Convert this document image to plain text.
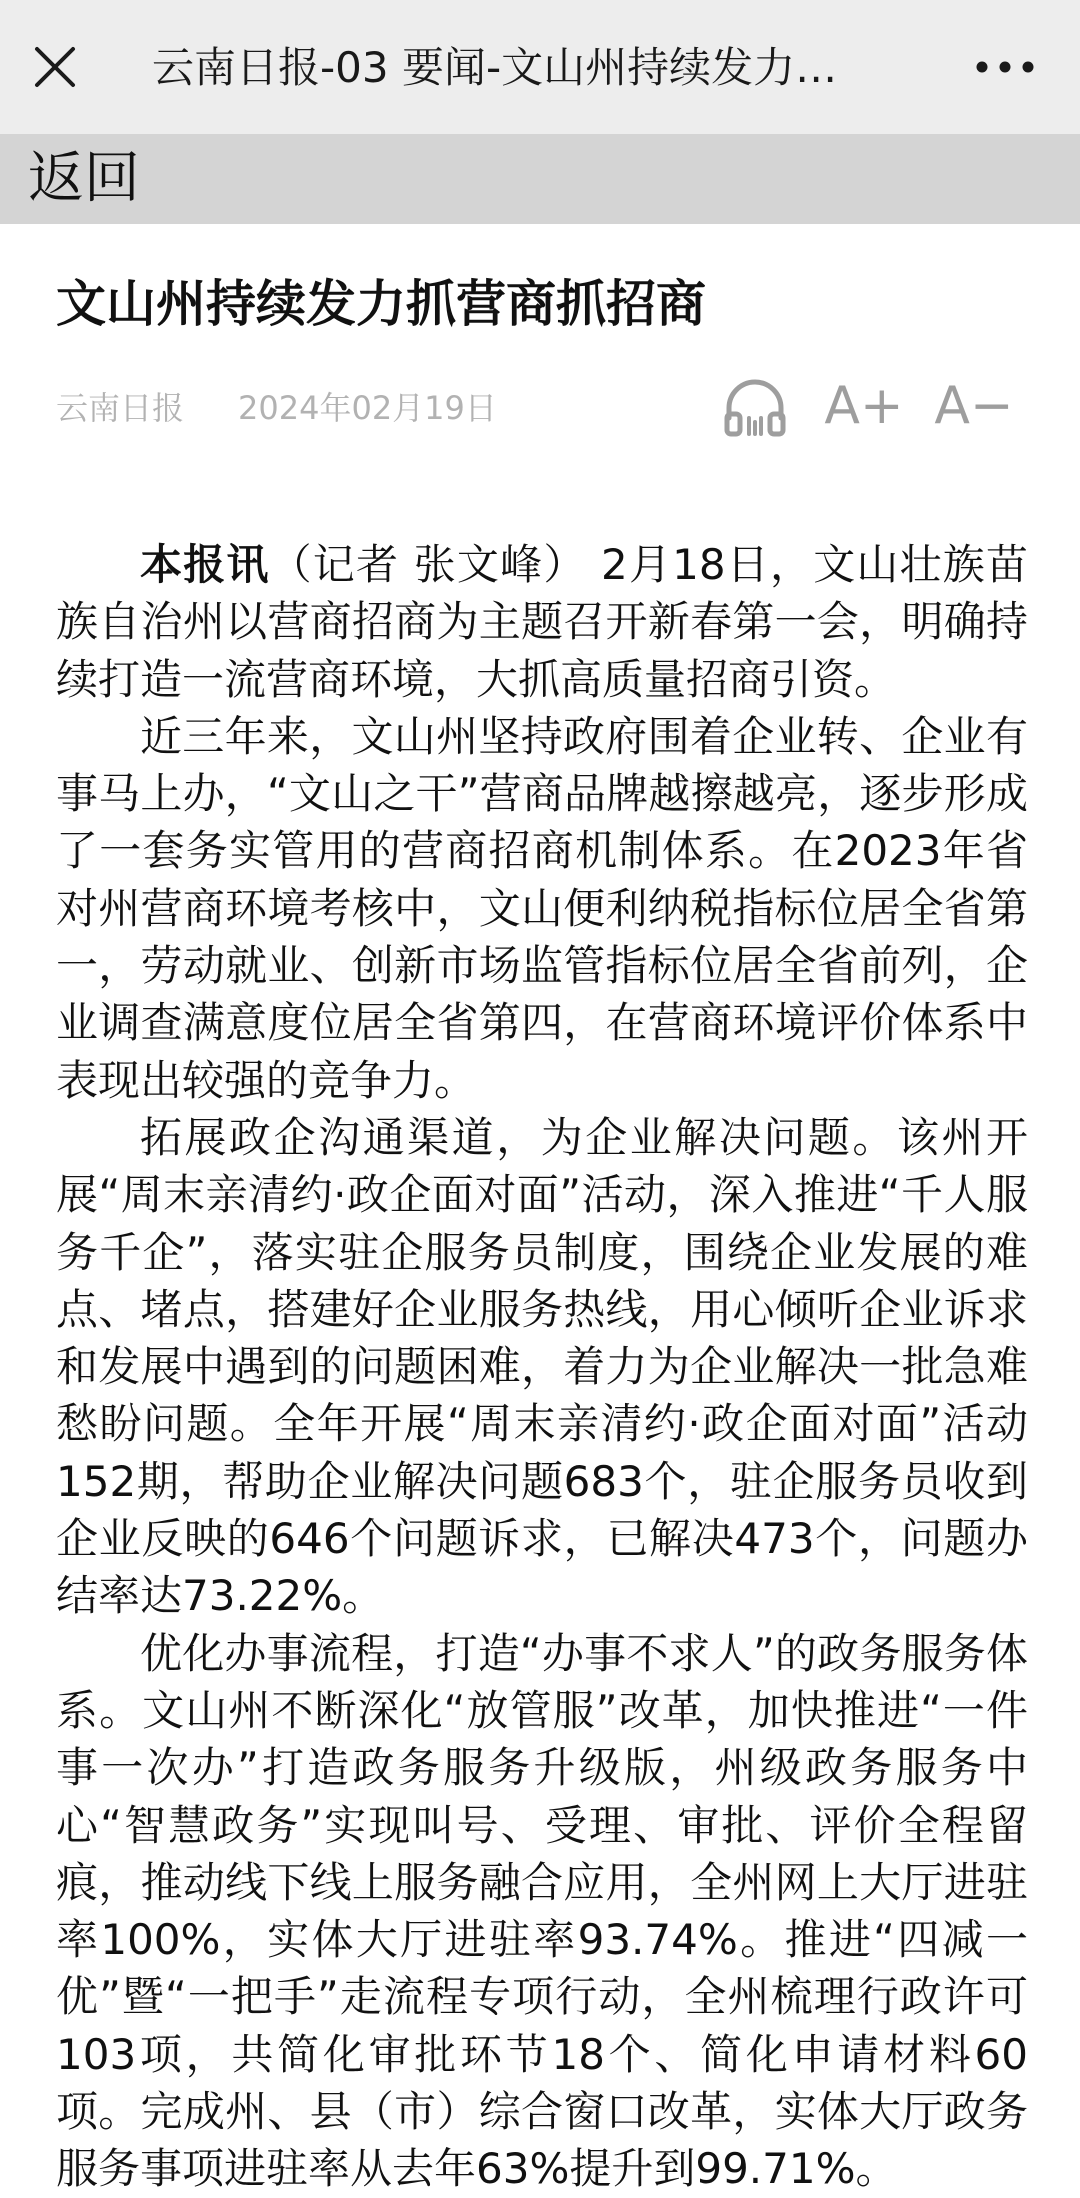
云南日报-03 要闻-文山州持续发力…
返回
文山州持续发力抓营商抓招商
云南日报 2024年02月19日	A+ A−

本报讯（记者 张文峰） 2月18日，文山壮族苗族自治州以营商招商为主题召开新春第一会，明确持续打造一流营商环境，大抓高质量招商引资。

近三年来，文山州坚持政府围着企业转、企业有事马上办，“文山之干”营商品牌越擦越亮，逐步形成了一套务实管用的营商招商机制体系。在2023年省对州营商环境考核中，文山便利纳税指标位居全省第一，劳动就业、创新市场监管指标位居全省前列，企业调查满意度位居全省第四，在营商环境评价体系中表现出较强的竞争力。

拓展政企沟通渠道，为企业解决问题。该州开展“周末亲清约·政企面对面”活动，深入推进“千人服务千企”，落实驻企服务员制度，围绕企业发展的难点、堵点，搭建好企业服务热线，用心倾听企业诉求和发展中遇到的问题困难，着力为企业解决一批急难愁盼问题。全年开展“周末亲清约·政企面对面”活动152期，帮助企业解决问题683个，驻企服务员收到企业反映的646个问题诉求，已解决473个，问题办结率达73.22%。

优化办事流程，打造“办事不求人”的政务服务体系。文山州不断深化“放管服”改革，加快推进“一件事一次办”打造政务服务升级版，州级政务服务中心“智慧政务”实现叫号、受理、审批、评价全程留痕，推动线下线上服务融合应用，全州网上大厅进驻率100%，实体大厅进驻率93.74%。推进“四减一优”暨“一把手”走流程专项行动，全州梳理行政许可103项，共简化审批环节18个、简化申请材料60项。完成州、县（市）综合窗口改革，实体大厅政务服务事项进驻率从去年63%提升到99.71%。
